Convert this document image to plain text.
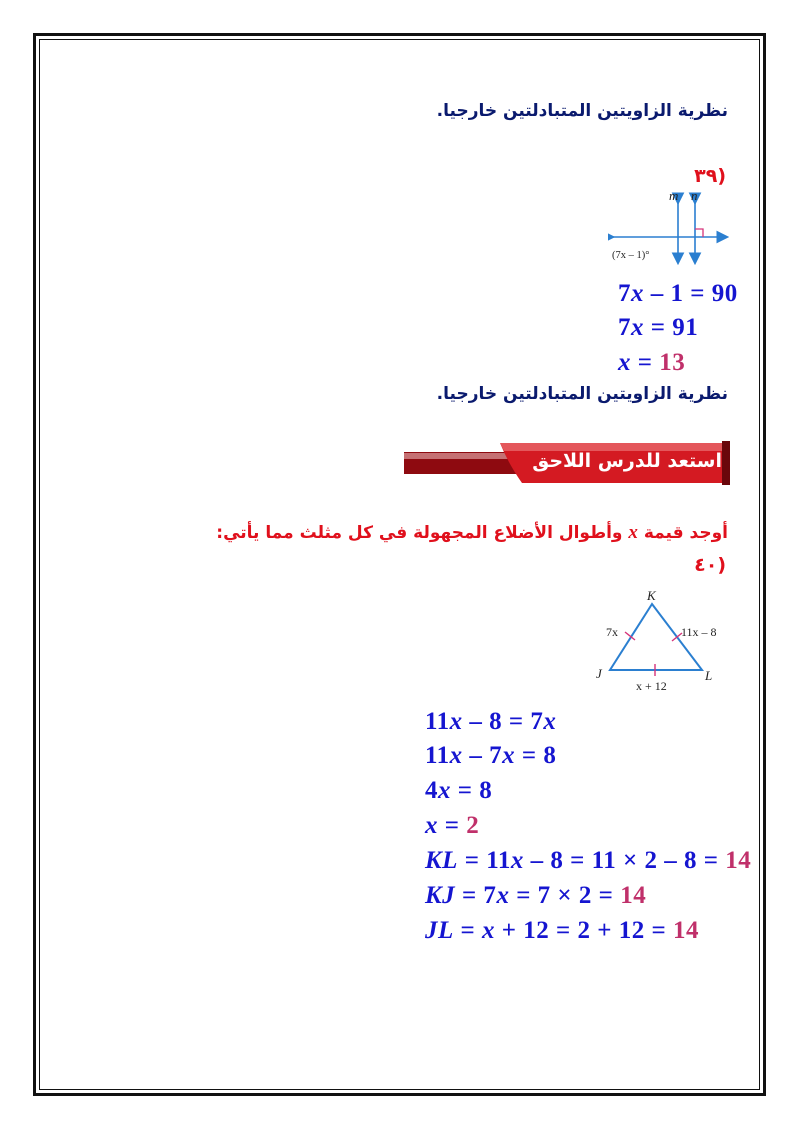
نظرية الزاويتين المتبادلتين خارجيا.
(٣٩
m n
(7x – 1)°
7x – 1 = 90
7x = 91
x = 13
نظرية الزاويتين المتبادلتين خارجيا.
استعد للدرس اللاحق
أوجد قيمة x وأطوال الأضلاع المجهولة في كل مثلث مما يأتي:
(٤٠
K
J	L
7x	11x – 8
x + 12
11x – 8 = 7x
11x – 7x = 8
4x = 8
x = 2
KL = 11x – 8 = 11 × 2 – 8 = 14
KJ = 7x = 7 × 2 = 14
JL = x + 12 = 2 + 12 = 14
